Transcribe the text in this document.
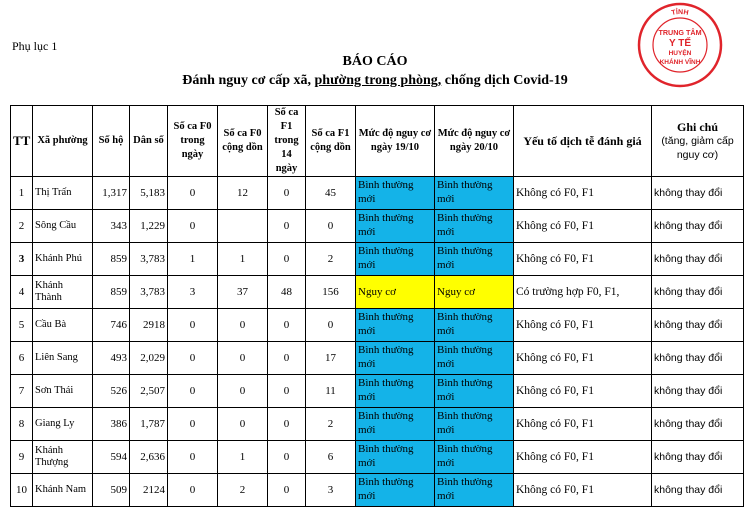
Phụ lục 1
BÁO CÁO
Đánh nguy cơ cấp xã, phường trong phòng, chống dịch Covid-19
TỈNH
TRUNG TÂM
Y TẾ
HUYỆN
KHÁNH VĨNH
TT	Xã phường	Số hộ	Dân số	Số ca F0 trong ngày	Số ca F0 cộng dồn	Số ca F1 trong 14 ngày	Số ca F1 cộng dồn	Mức độ nguy cơ ngày 19/10	Mức độ nguy cơ ngày 20/10	Yếu tố dịch tễ đánh giá	Ghi chú
(tăng, giảm cấp nguy cơ)

1	Thị Trấn	1,317	5,183	0	12	0	45	Bình thường mới	Bình thường mới	Không có F0, F1	không thay đổi
2	Sông Cầu	343	1,229	0		0	0	Bình thường mới	Bình thường mới	Không có F0, F1	không thay đổi
3	Khánh Phú	859	3,783	1	1	0	2	Bình thường mới	Bình thường mới	Không có F0, F1	không thay đổi
4	Khánh Thành	859	3,783	3	37	48	156	Nguy cơ	Nguy cơ	Có trường hợp F0, F1,	không thay đổi
5	Cầu Bà	746	2918	0	0	0	0	Bình thường mới	Bình thường mới	Không có F0, F1	không thay đổi
6	Liên Sang	493	2,029	0	0	0	17	Bình thường mới	Bình thường mới	Không có F0, F1	không thay đổi
7	Sơn Thái	526	2,507	0	0	0	11	Bình thường mới	Bình thường mới	Không có F0, F1	không thay đổi
8	Giang Ly	386	1,787	0	0	0	2	Bình thường mới	Bình thường mới	Không có F0, F1	không thay đổi
9	Khánh Thượng	594	2,636	0	1	0	6	Bình thường mới	Bình thường mới	Không có F0, F1	không thay đổi
10	Khánh Nam	509	2124	0	2	0	3	Bình thường mới	Bình thường mới	Không có F0, F1	không thay đổi
